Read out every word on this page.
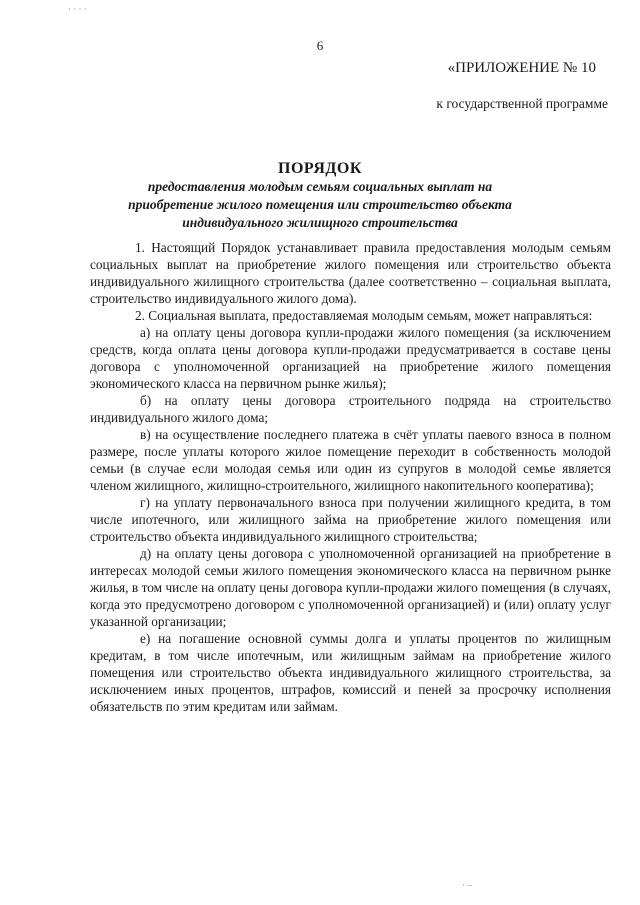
· · · ·
· ‒
6
«ПРИЛОЖЕНИЕ № 10
к государственной программе
ПОРЯДОК
предоставления молодым семьям социальных выплат на приобретение жилого помещения или строительство объекта индивидуального жилищного строительства

1. Настоящий Порядок устанавливает правила предоставления молодым семьям социальных выплат на приобретение жилого помещения или строительство объекта индивидуального жилищного строительства (далее соответственно – социальная выплата, строительство индивидуального жилого дома).

2. Социальная выплата, предоставляемая молодым семьям, может направляться:

а) на оплату цены договора купли-продажи жилого помещения (за исключением средств, когда оплата цены договора купли-продажи предусматривается в составе цены договора с уполномоченной организацией на приобретение жилого помещения экономического класса на первичном рынке жилья);

б) на оплату цены договора строительного подряда на строительство индивидуального жилого дома;

в) на осуществление последнего платежа в счёт уплаты паевого взноса в полном размере, после уплаты которого жилое помещение переходит в собственность молодой семьи (в случае если молодая семья или один из супругов в молодой семье является членом жилищного, жилищно-строительного, жилищного накопительного кооператива);

г) на уплату первоначального взноса при получении жилищного кредита, в том числе ипотечного, или жилищного займа на приобретение жилого помещения или строительство объекта индивидуального жилищного строительства;

д) на оплату цены договора с уполномоченной организацией на приобретение в интересах молодой семьи жилого помещения экономического класса на первичном рынке жилья, в том числе на оплату цены договора купли-продажи жилого помещения (в случаях, когда это предусмотрено договором с уполномоченной организацией) и (или) оплату услуг указанной организации;

е) на погашение основной суммы долга и уплаты процентов по жилищным кредитам, в том числе ипотечным, или жилищным займам на приобретение жилого помещения или строительство объекта индивидуального жилищного строительства, за исключением иных процентов, штрафов, комиссий и пеней за просрочку исполнения обязательств по этим кредитам или займам.
